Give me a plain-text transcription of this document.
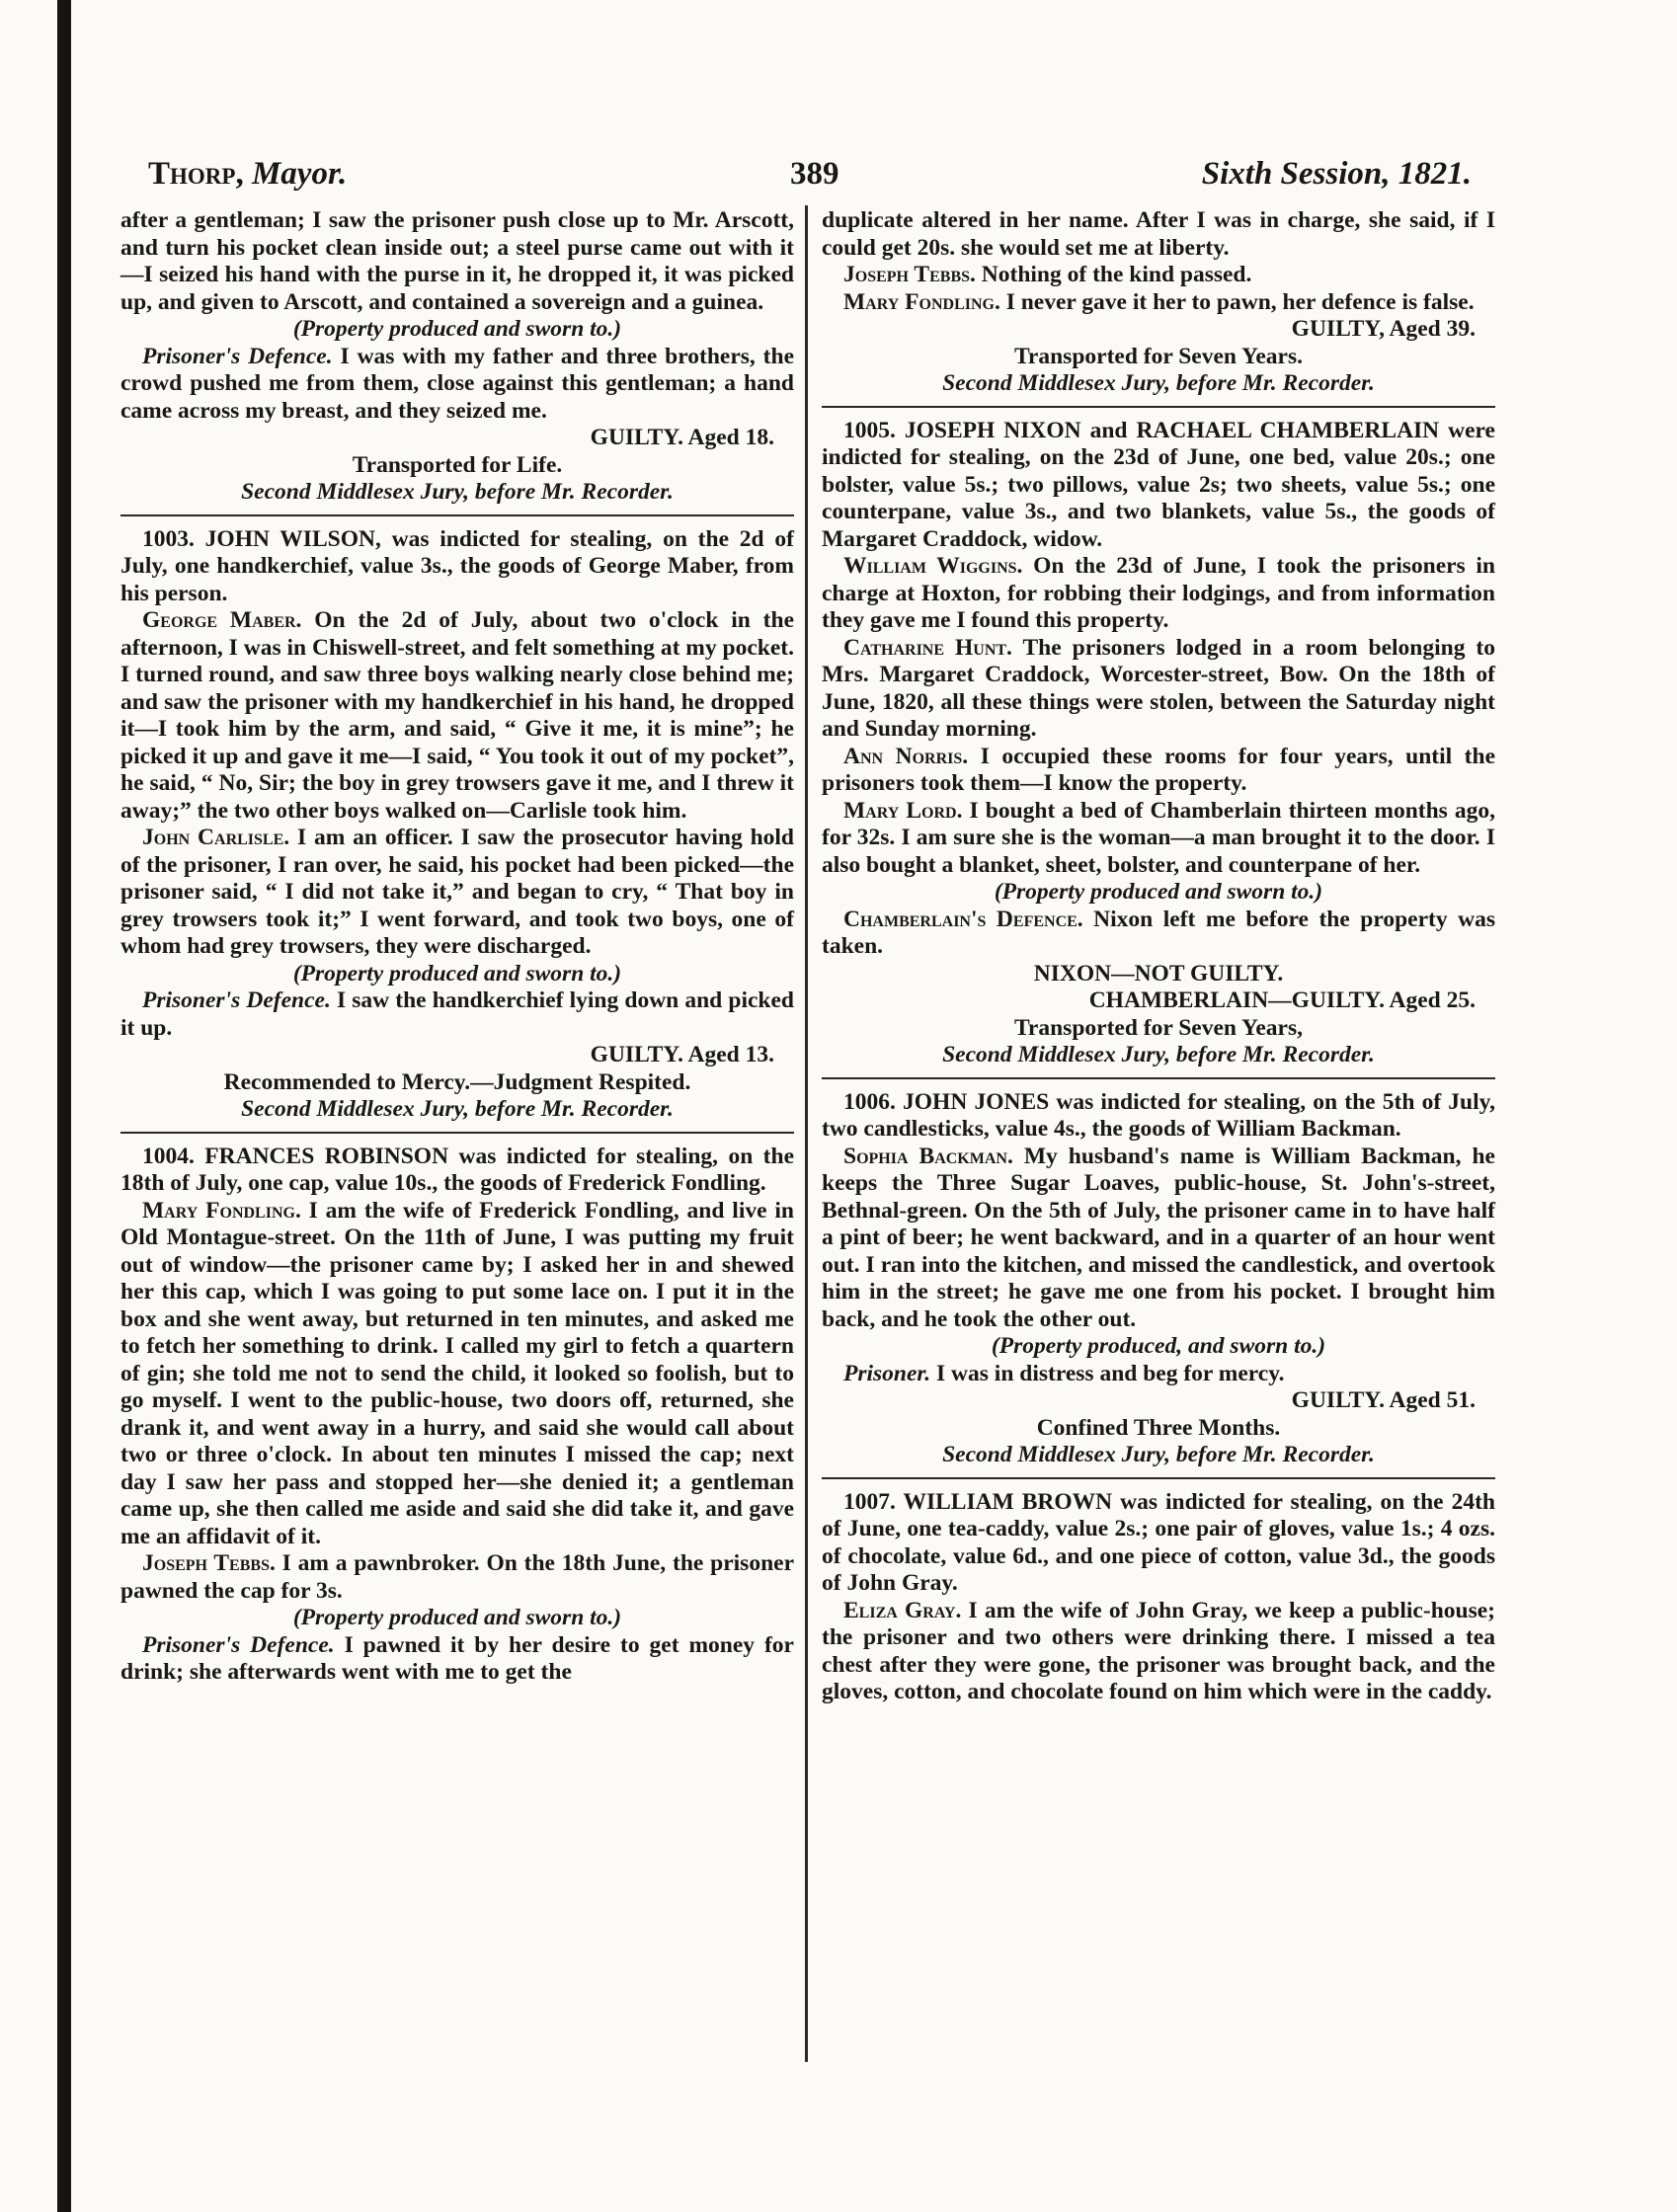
Thorp, Mayor.	389	Sixth Session, 1821.

after a gentleman; I saw the prisoner push close up to Mr. Arscott, and turn his pocket clean inside out; a steel purse came out with it—I seized his hand with the purse in it, he dropped it, it was picked up, and given to Arscott, and contained a sovereign and a guinea.

(Property produced and sworn to.)

Prisoner's Defence. I was with my father and three brothers, the crowd pushed me from them, close against this gentleman; a hand came across my breast, and they seized me.

GUILTY. Aged 18.

Transported for Life.

Second Middlesex Jury, before Mr. Recorder.

1003. JOHN WILSON, was indicted for stealing, on the 2d of July, one handkerchief, value 3s., the goods of George Maber, from his person.

George Maber. On the 2d of July, about two o'clock in the afternoon, I was in Chiswell-street, and felt something at my pocket. I turned round, and saw three boys walking nearly close behind me; and saw the prisoner with my handkerchief in his hand, he dropped it—I took him by the arm, and said, “ Give it me, it is mine”; he picked it up and gave it me—I said, “ You took it out of my pocket”, he said, “ No, Sir; the boy in grey trowsers gave it me, and I threw it away;” the two other boys walked on—Carlisle took him.

John Carlisle. I am an officer. I saw the prosecutor having hold of the prisoner, I ran over, he said, his pocket had been picked—the prisoner said, “ I did not take it,” and began to cry, “ That boy in grey trowsers took it;” I went forward, and took two boys, one of whom had grey trowsers, they were discharged.

(Property produced and sworn to.)

Prisoner's Defence. I saw the handkerchief lying down and picked it up.

GUILTY. Aged 13.

Recommended to Mercy.—Judgment Respited.

Second Middlesex Jury, before Mr. Recorder.

1004. FRANCES ROBINSON was indicted for stealing, on the 18th of July, one cap, value 10s., the goods of Frederick Fondling.

Mary Fondling. I am the wife of Frederick Fondling, and live in Old Montague-street. On the 11th of June, I was putting my fruit out of window—the prisoner came by; I asked her in and shewed her this cap, which I was going to put some lace on. I put it in the box and she went away, but returned in ten minutes, and asked me to fetch her something to drink. I called my girl to fetch a quartern of gin; she told me not to send the child, it looked so foolish, but to go myself. I went to the public-house, two doors off, returned, she drank it, and went away in a hurry, and said she would call about two or three o'clock. In about ten minutes I missed the cap; next day I saw her pass and stopped her—she denied it; a gentleman came up, she then called me aside and said she did take it, and gave me an affidavit of it.

Joseph Tebbs. I am a pawnbroker. On the 18th June, the prisoner pawned the cap for 3s.

(Property produced and sworn to.)

Prisoner's Defence. I pawned it by her desire to get money for drink; she afterwards went with me to get the

duplicate altered in her name. After I was in charge, she said, if I could get 20s. she would set me at liberty.

Joseph Tebbs. Nothing of the kind passed.

Mary Fondling. I never gave it her to pawn, her defence is false.

GUILTY, Aged 39.

Transported for Seven Years.

Second Middlesex Jury, before Mr. Recorder.

1005. JOSEPH NIXON and RACHAEL CHAMBERLAIN were indicted for stealing, on the 23d of June, one bed, value 20s.; one bolster, value 5s.; two pillows, value 2s; two sheets, value 5s.; one counterpane, value 3s., and two blankets, value 5s., the goods of Margaret Craddock, widow.

William Wiggins. On the 23d of June, I took the prisoners in charge at Hoxton, for robbing their lodgings, and from information they gave me I found this property.

Catharine Hunt. The prisoners lodged in a room belonging to Mrs. Margaret Craddock, Worcester-street, Bow. On the 18th of June, 1820, all these things were stolen, between the Saturday night and Sunday morning.

Ann Norris. I occupied these rooms for four years, until the prisoners took them—I know the property.

Mary Lord. I bought a bed of Chamberlain thirteen months ago, for 32s. I am sure she is the woman—a man brought it to the door. I also bought a blanket, sheet, bolster, and counterpane of her.

(Property produced and sworn to.)

Chamberlain's Defence. Nixon left me before the property was taken.

NIXON—NOT GUILTY.

CHAMBERLAIN—GUILTY. Aged 25.

Transported for Seven Years,

Second Middlesex Jury, before Mr. Recorder.

1006. JOHN JONES was indicted for stealing, on the 5th of July, two candlesticks, value 4s., the goods of William Backman.

Sophia Backman. My husband's name is William Backman, he keeps the Three Sugar Loaves, public-house, St. John's-street, Bethnal-green. On the 5th of July, the prisoner came in to have half a pint of beer; he went backward, and in a quarter of an hour went out. I ran into the kitchen, and missed the candlestick, and overtook him in the street; he gave me one from his pocket. I brought him back, and he took the other out.

(Property produced, and sworn to.)

Prisoner. I was in distress and beg for mercy.

GUILTY. Aged 51.

Confined Three Months.

Second Middlesex Jury, before Mr. Recorder.

1007. WILLIAM BROWN was indicted for stealing, on the 24th of June, one tea-caddy, value 2s.; one pair of gloves, value 1s.; 4 ozs. of chocolate, value 6d., and one piece of cotton, value 3d., the goods of John Gray.

Eliza Gray. I am the wife of John Gray, we keep a public-house; the prisoner and two others were drinking there. I missed a tea chest after they were gone, the prisoner was brought back, and the gloves, cotton, and chocolate found on him which were in the caddy.
